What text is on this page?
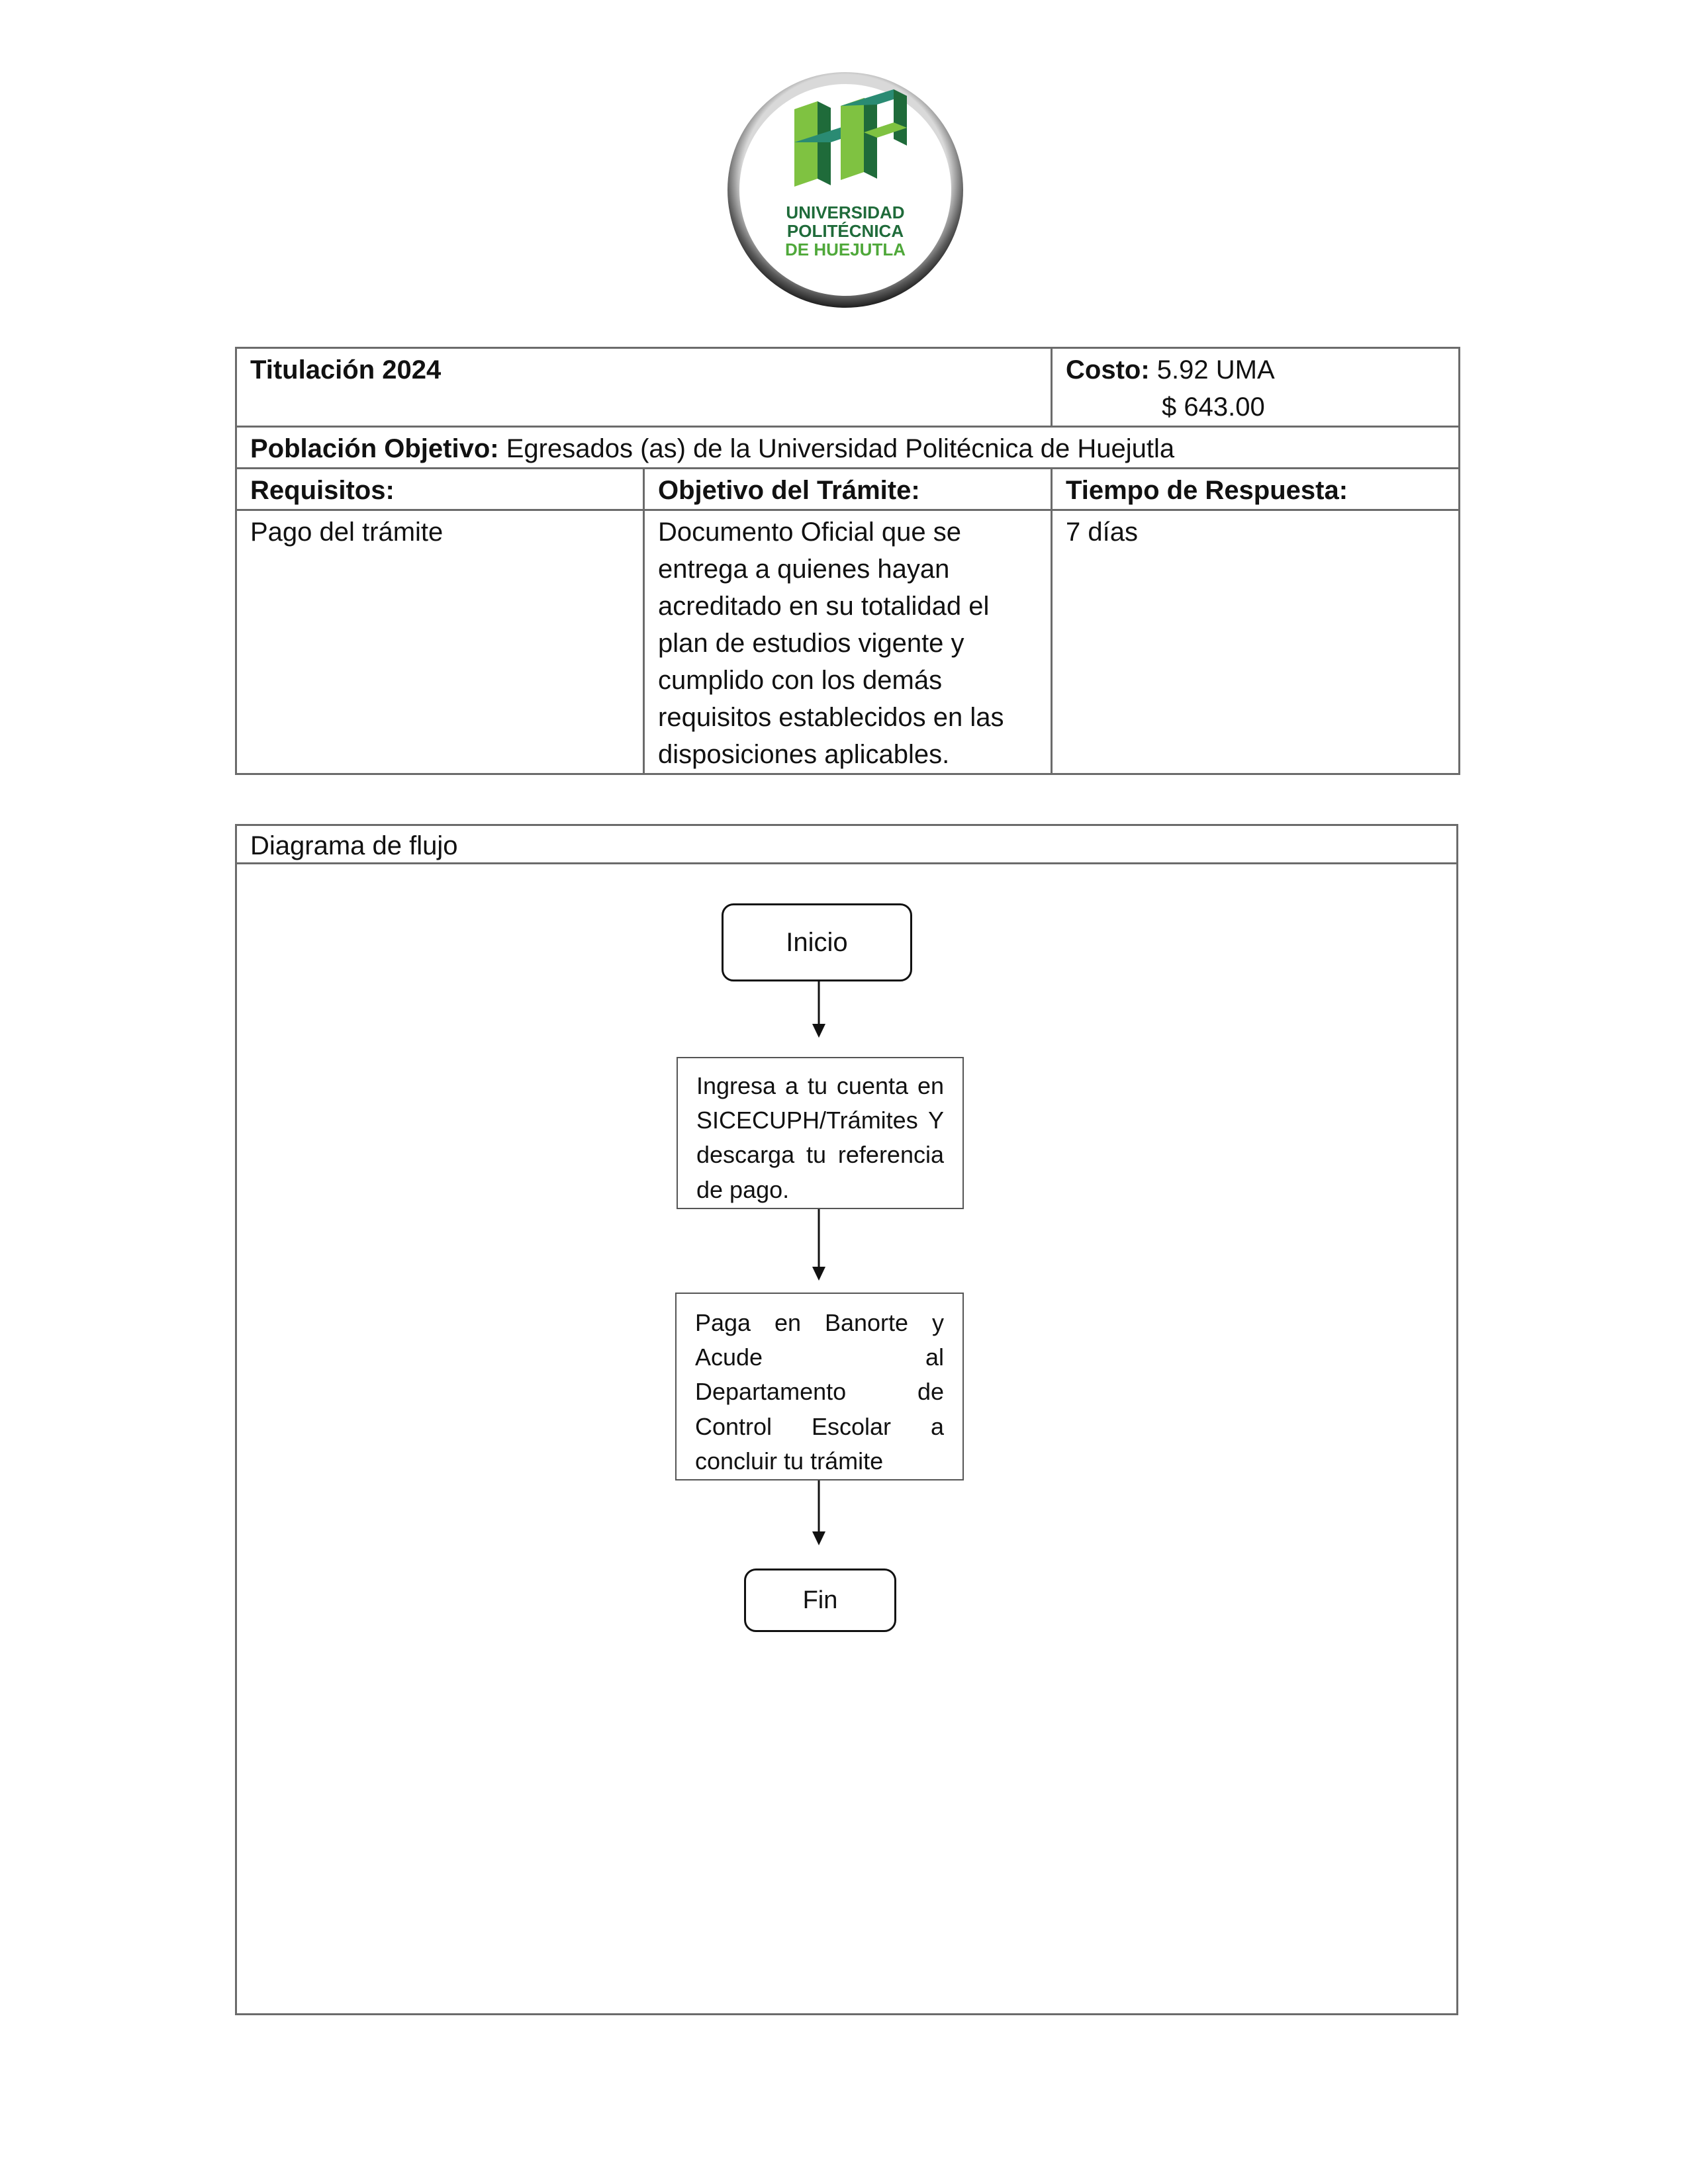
UNIVERSIDAD
POLITÉCNICA
DE HUEJUTLA
Titulación 2024		Costo: 5.92 UMA
$ 643.00

Población Objetivo: Egresados (as) de la Universidad Politécnica de Huejutla		
Requisitos:	Objetivo del Trámite:	Tiempo de Respuesta:
Pago del trámite	Documento Oficial que se entrega a quienes hayan acreditado en su totalidad el plan de estudios vigente y cumplido con los demás requisitos establecidos en las disposiciones aplicables.	7 días
Diagrama de flujo
Inicio
Ingresa a tu cuenta en SICECUPH/Trámites Y descarga tu referencia de pago.
Paga en Banorte y Acude al Departamento de Control Escolar a concluir tu trámite
Fin
